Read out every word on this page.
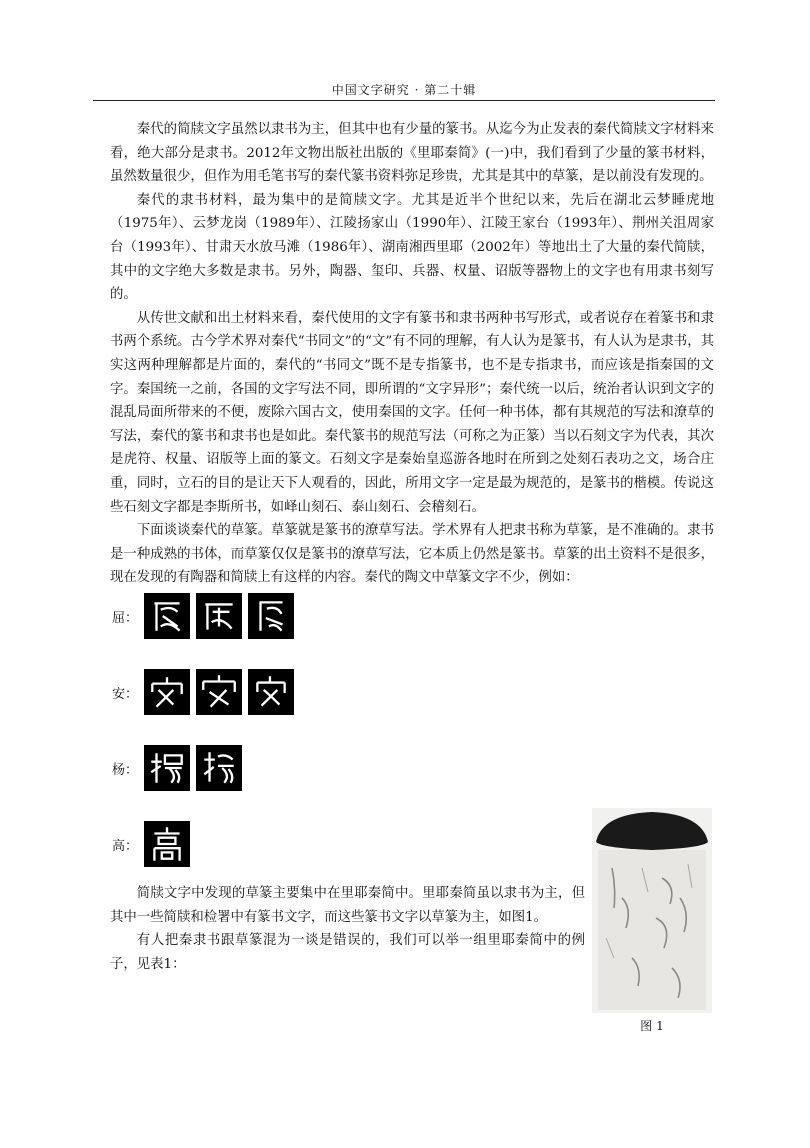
中国文字研究 · 第二十辑

秦代的简牍文字虽然以隶书为主，但其中也有少量的篆书。从迄今为止发表的秦代简牍文字材料来看，绝大部分是隶书。2012年文物出版社出版的《里耶秦简》(一)中，我们看到了少量的篆书材料，虽然数量很少，但作为用毛笔书写的秦代篆书资料弥足珍贵，尤其是其中的草篆，是以前没有发现的。

秦代的隶书材料，最为集中的是简牍文字。尤其是近半个世纪以来，先后在湖北云梦睡虎地（1975年）、云梦龙岗（1989年）、江陵扬家山（1990年）、江陵王家台（1993年）、荆州关沮周家台（1993年）、甘肃天水放马滩（1986年）、湖南湘西里耶（2002年）等地出土了大量的秦代简牍，其中的文字绝大多数是隶书。另外，陶器、玺印、兵器、权量、诏版等器物上的文字也有用隶书刻写的。

从传世文献和出土材料来看，秦代使用的文字有篆书和隶书两种书写形式，或者说存在着篆书和隶书两个系统。古今学术界对秦代“书同文”的“文”有不同的理解，有人认为是篆书，有人认为是隶书，其实这两种理解都是片面的，秦代的“书同文”既不是专指篆书，也不是专指隶书，而应该是指秦国的文字。秦国统一之前，各国的文字写法不同，即所谓的“文字异形”；秦代统一以后，统治者认识到文字的混乱局面所带来的不便，废除六国古文，使用秦国的文字。任何一种书体，都有其规范的写法和潦草的写法，秦代的篆书和隶书也是如此。秦代篆书的规范写法（可称之为正篆）当以石刻文字为代表，其次是虎符、权量、诏版等上面的篆文。石刻文字是秦始皇巡游各地时在所到之处刻石表功之文，场合庄重，同时，立石的目的是让天下人观看的，因此，所用文字一定是最为规范的，是篆书的楷模。传说这些石刻文字都是李斯所书，如峄山刻石、泰山刻石、会稽刻石。

下面谈谈秦代的草篆。草篆就是篆书的潦草写法。学术界有人把隶书称为草篆，是不准确的。隶书是一种成熟的书体，而草篆仅仅是篆书的潦草写法，它本质上仍然是篆书。草篆的出土资料不是很多，现在发现的有陶器和简牍上有这样的内容。秦代的陶文中草篆文字不少，例如：

屈：
安：
杨：
高：

简牍文字中发现的草篆主要集中在里耶秦简中。里耶秦简虽以隶书为主，但其中一些简牍和检署中有篆书文字，而这些篆书文字以草篆为主，如图1。

有人把秦隶书跟草篆混为一谈是错误的，我们可以举一组里耶秦简中的例子，见表1：

图 1
